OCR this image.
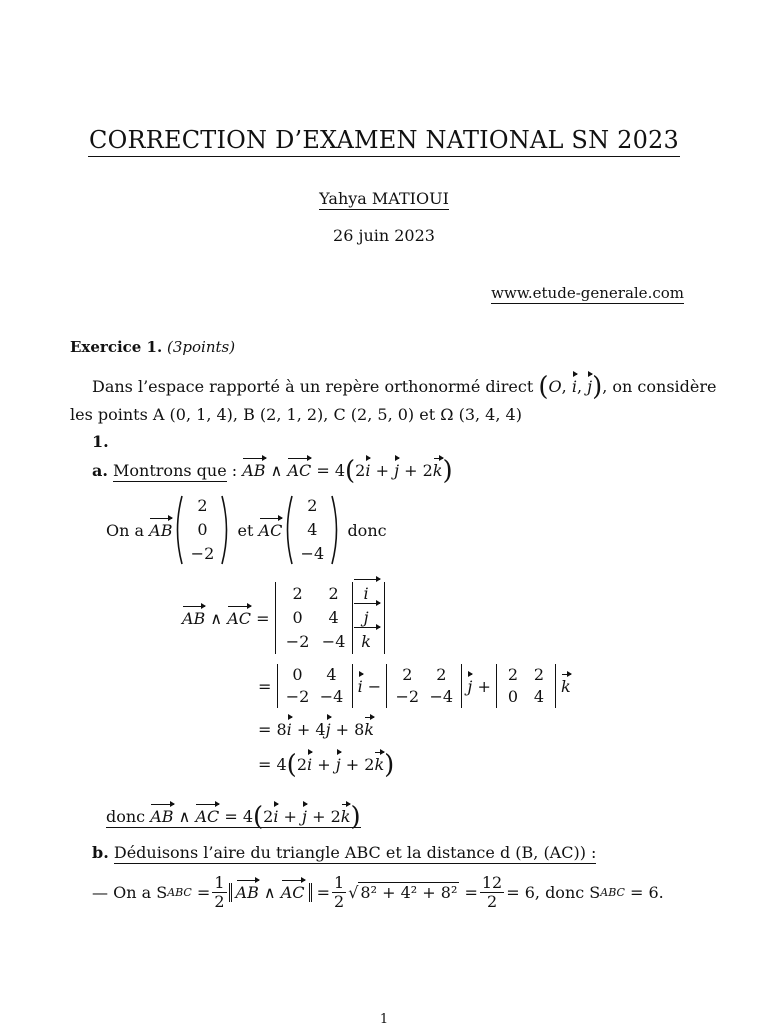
CORRECTION D’EXAMEN NATIONAL SN 2023
Yahya MATIOUI
26 juin 2023
www.etude-generale.com
Exercice 1. (3points)
Dans l’espace rapporté à un repère orthonormé direct (O, i, j), on considère
les points A (0, 1, 4), B (2, 1, 2), C (2, 5, 0) et Ω (3, 4, 4)
1.
a. Montrons que : AB ∧ AC = 4(2i + j + 2k)
On a
AB
2
0
−2

et
AC
2
4
−4

donc
AB ∧ AC =
2	2	i
0	4	j
−2 −4 k
=
0	4
−2 −4

i −
2	2
−2 −4

j +
2 2
0 4

k
= 8i + 4j + 8k
= 4(2i + j + 2k)
donc AB ∧ AC = 4(2i + j + 2k)
b. Déduisons l’aire du triangle ABC et la distance d (B, (AC)) :
— On a S ABC = $\frac{1}{2}$ AB ∧ AC = $\frac{1}{2}$ √ $8^2 + 4^2 + 8^2 = \frac{12}{2} = 6$, donc S ABC
= 6.
1
